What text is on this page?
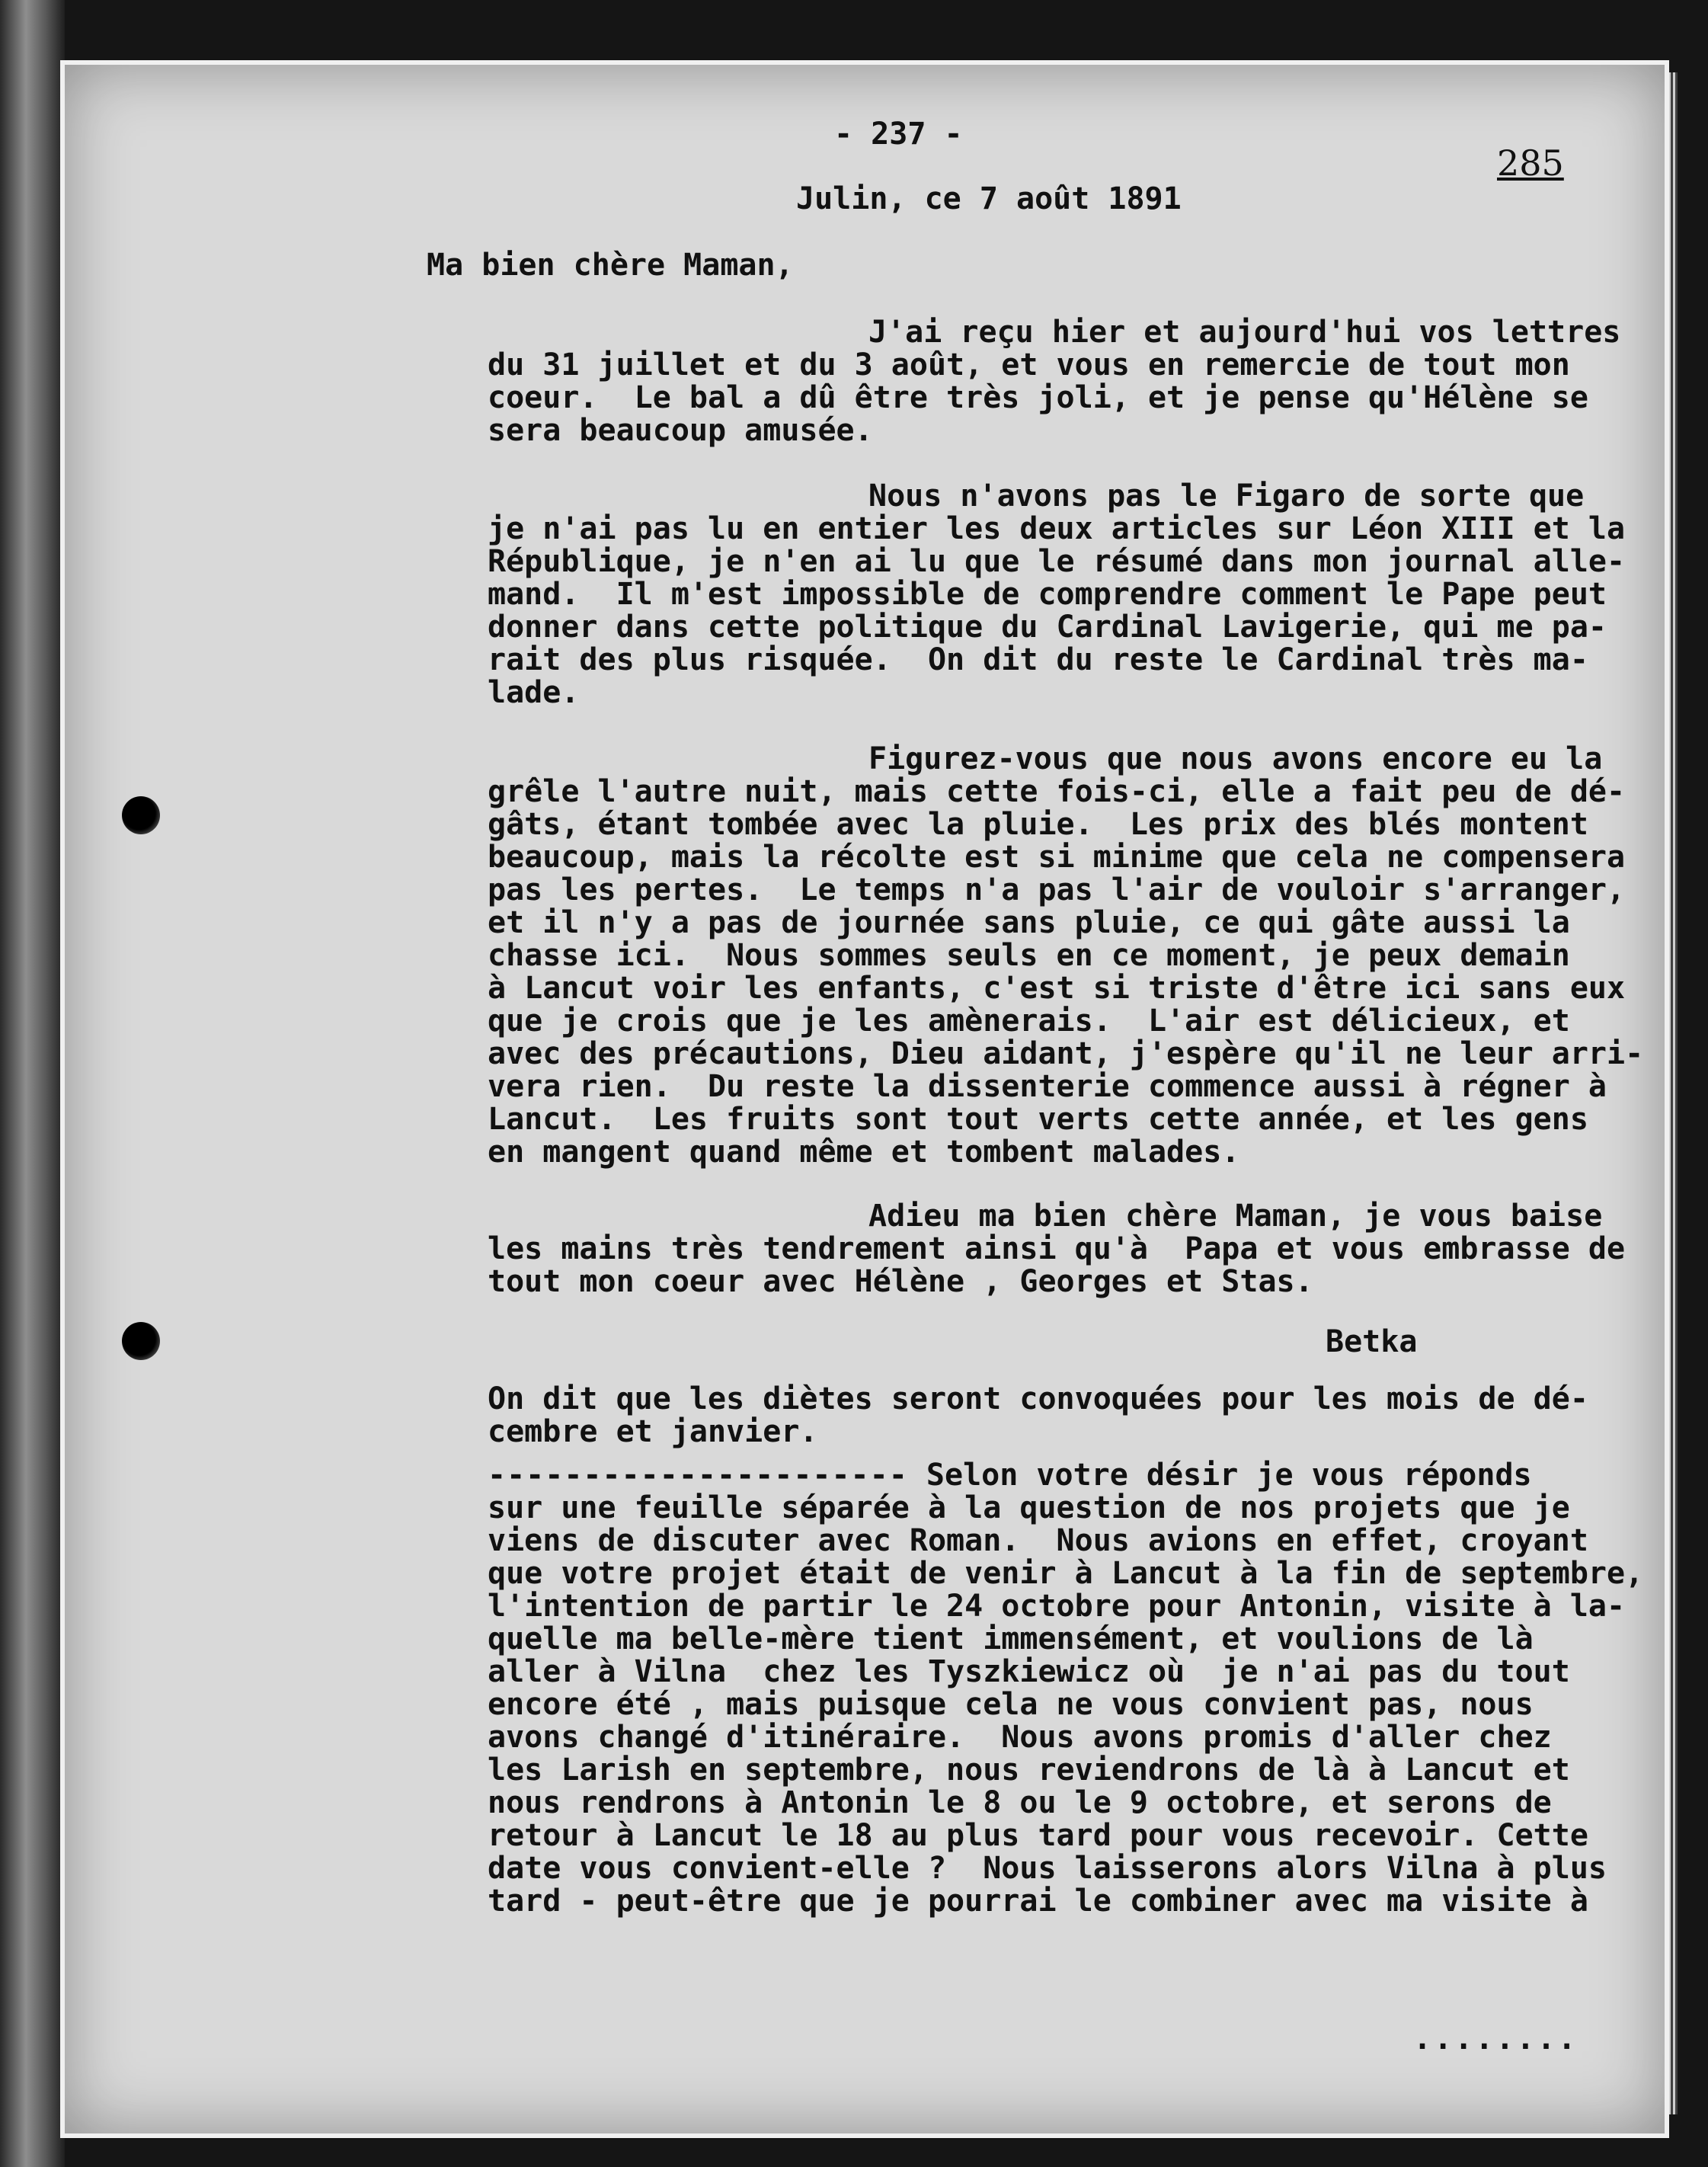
- 237 -
285
Julin, ce 7 août 1891
Ma bien chère Maman,
J'ai reçu hier et aujourd'hui vos lettres
du 31 juillet et du 3 août, et vous en remercie de tout mon
coeur.  Le bal a dû être très joli, et je pense qu'Hélène se
sera beaucoup amusée.
Nous n'avons pas le Figaro de sorte que
je n'ai pas lu en entier les deux articles sur Léon XIII et la
République, je n'en ai lu que le résumé dans mon journal alle-
mand.  Il m'est impossible de comprendre comment le Pape peut
donner dans cette politique du Cardinal Lavigerie, qui me pa-
rait des plus risquée.  On dit du reste le Cardinal très ma-
lade.
Figurez-vous que nous avons encore eu la
grêle l'autre nuit, mais cette fois-ci, elle a fait peu de dé-
gâts, étant tombée avec la pluie.  Les prix des blés montent
beaucoup, mais la récolte est si minime que cela ne compensera
pas les pertes.  Le temps n'a pas l'air de vouloir s'arranger,
et il n'y a pas de journée sans pluie, ce qui gâte aussi la
chasse ici.  Nous sommes seuls en ce moment, je peux demain
à Lancut voir les enfants, c'est si triste d'être ici sans eux
que je crois que je les amènerais.  L'air est délicieux, et
avec des précautions, Dieu aidant, j'espère qu'il ne leur arri-
vera rien.  Du reste la dissenterie commence aussi à régner à
Lancut.  Les fruits sont tout verts cette année, et les gens
en mangent quand même et tombent malades.
Adieu ma bien chère Maman, je vous baise
les mains très tendrement ainsi qu'à  Papa et vous embrasse de
tout mon coeur avec Hélène , Georges et Stas.
Betka
On dit que les diètes seront convoquées pour les mois de dé-
cembre et janvier.
---------------------- Selon votre désir je vous réponds
sur une feuille séparée à la question de nos projets que je
viens de discuter avec Roman.  Nous avions en effet, croyant
que votre projet était de venir à Lancut à la fin de septembre,
l'intention de partir le 24 octobre pour Antonin, visite à la-
quelle ma belle-mère tient immensément, et voulions de là
aller à Vilna  chez les Tyszkiewicz où  je n'ai pas du tout
encore été , mais puisque cela ne vous convient pas, nous
avons changé d'itinéraire.  Nous avons promis d'aller chez
les Larish en septembre, nous reviendrons de là à Lancut et
nous rendrons à Antonin le 8 ou le 9 octobre, et serons de
retour à Lancut le 18 au plus tard pour vous recevoir. Cette
date vous convient-elle ?  Nous laisserons alors Vilna à plus
tard - peut-être que je pourrai le combiner avec ma visite à
........
